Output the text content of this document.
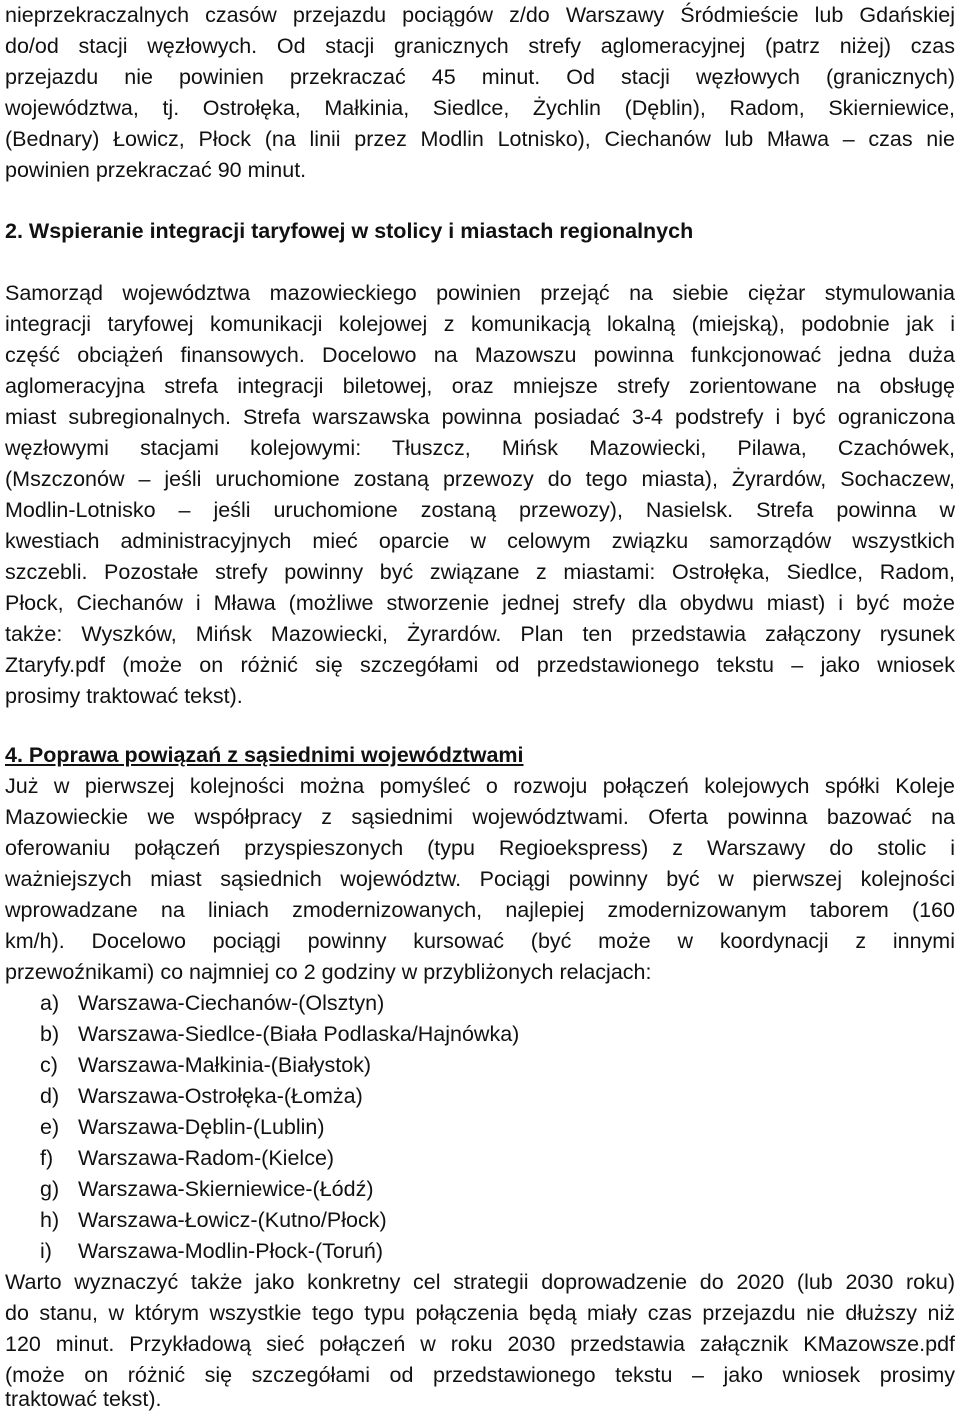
nieprzekraczalnych czasów przejazdu pociągów z/do Warszawy Śródmieście lub Gdańskiej
do/od stacji węzłowych. Od stacji granicznych strefy aglomeracyjnej (patrz niżej) czas
przejazdu nie powinien przekraczać 45 minut. Od stacji węzłowych (granicznych)
województwa, tj. Ostrołęka, Małkinia, Siedlce, Żychlin (Dęblin), Radom, Skierniewice,
(Bednary) Łowicz, Płock (na linii przez Modlin Lotnisko), Ciechanów lub Mława – czas nie
powinien przekraczać 90 minut.
2. Wspieranie integracji taryfowej w stolicy i miastach regionalnych
Samorząd województwa mazowieckiego powinien przejąć na siebie ciężar stymulowania
integracji taryfowej komunikacji kolejowej z komunikacją lokalną (miejską), podobnie jak i
część obciążeń finansowych. Docelowo na Mazowszu powinna funkcjonować jedna duża
aglomeracyjna strefa integracji biletowej, oraz mniejsze strefy zorientowane na obsługę
miast subregionalnych. Strefa warszawska powinna posiadać 3-4 podstrefy i być ograniczona
węzłowymi stacjami kolejowymi: Tłuszcz, Mińsk Mazowiecki, Pilawa, Czachówek,
(Mszczonów – jeśli uruchomione zostaną przewozy do tego miasta), Żyrardów, Sochaczew,
Modlin-Lotnisko – jeśli uruchomione zostaną przewozy), Nasielsk. Strefa powinna w
kwestiach administracyjnych mieć oparcie w celowym związku samorządów wszystkich
szczebli. Pozostałe strefy powinny być związane z miastami: Ostrołęka, Siedlce, Radom,
Płock, Ciechanów i Mława (możliwe stworzenie jednej strefy dla obydwu miast) i być może
także: Wyszków, Mińsk Mazowiecki, Żyrardów. Plan ten przedstawia załączony rysunek
Ztaryfy.pdf (może on różnić się szczegółami od przedstawionego tekstu – jako wniosek
prosimy traktować tekst).
4. Poprawa powiązań z sąsiednimi województwami
Już w pierwszej kolejności można pomyśleć o rozwoju połączeń kolejowych spółki Koleje
Mazowieckie we współpracy z sąsiednimi województwami. Oferta powinna bazować na
oferowaniu połączeń przyspieszonych (typu Regioekspress) z Warszawy do stolic i
ważniejszych miast sąsiednich województw. Pociągi powinny być w pierwszej kolejności
wprowadzane na liniach zmodernizowanych, najlepiej zmodernizowanym taborem (160
km/h). Docelowo pociągi powinny kursować (być może w koordynacji z innymi
przewoźnikami) co najmniej co 2 godziny w przybliżonych relacjach:
a) Warszawa-Ciechanów-(Olsztyn)
b) Warszawa-Siedlce-(Biała Podlaska/Hajnówka)
c) Warszawa-Małkinia-(Białystok)
d) Warszawa-Ostrołęka-(Łomża)
e) Warszawa-Dęblin-(Lublin)
f) Warszawa-Radom-(Kielce)
g) Warszawa-Skierniewice-(Łódź)
h) Warszawa-Łowicz-(Kutno/Płock)
i) Warszawa-Modlin-Płock-(Toruń)
Warto wyznaczyć także jako konkretny cel strategii doprowadzenie do 2020 (lub 2030 roku)
do stanu, w którym wszystkie tego typu połączenia będą miały czas przejazdu nie dłuższy niż
120 minut. Przykładową sieć połączeń w roku 2030 przedstawia załącznik KMazowsze.pdf
(może on różnić się szczegółami od przedstawionego tekstu – jako wniosek prosimy
traktować tekst).
